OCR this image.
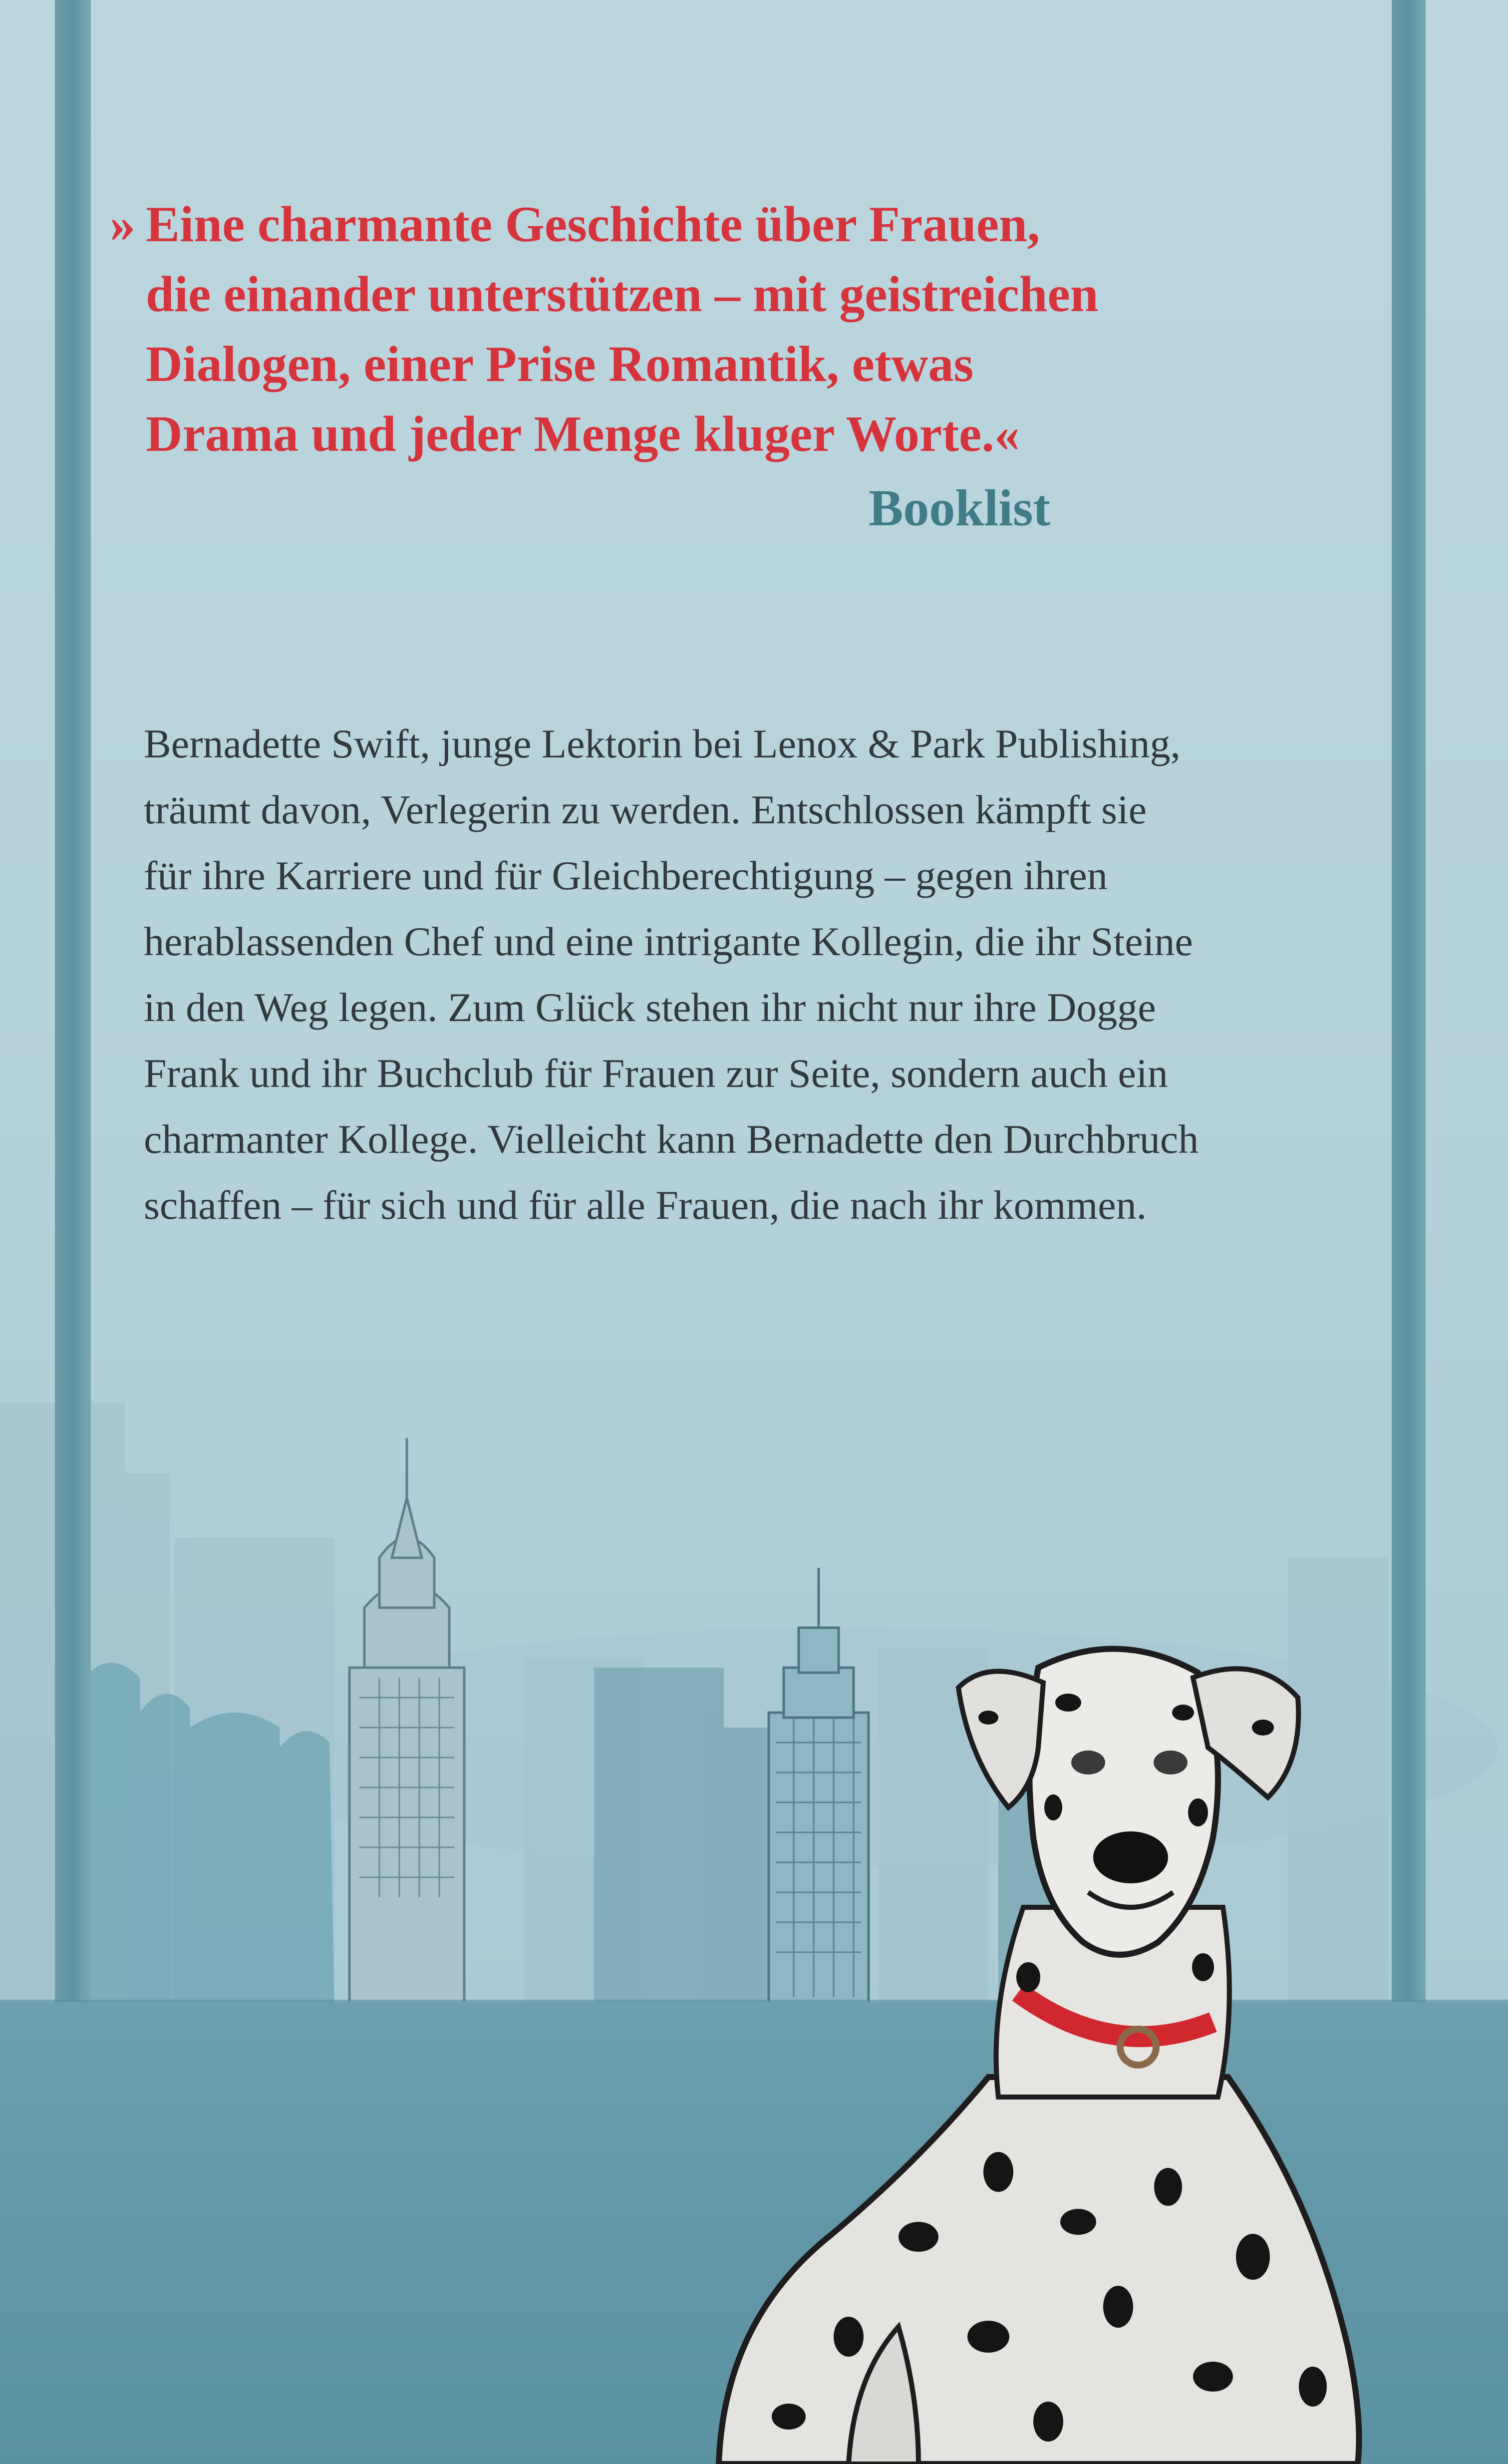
» Eine charmante Geschichte über Frauen,
die einander unterstützen – mit geistreichen
Dialogen, einer Prise Romantik, etwas
Drama und jeder Menge kluger Worte.«
Booklist
Bernadette Swift, junge Lektorin bei Lenox & Park Publishing,
träumt davon, Verlegerin zu werden. Entschlossen kämpft sie
für ihre Karriere und für Gleichberechtigung – gegen ihren
herablassenden Chef und eine intrigante Kollegin, die ihr Steine
in den Weg legen. Zum Glück stehen ihr nicht nur ihre Dogge
Frank und ihr Buchclub für Frauen zur Seite, sondern auch ein
charmanter Kollege. Vielleicht kann Bernadette den Durchbruch
schaffen – für sich und für alle Frauen, die nach ihr kommen.
